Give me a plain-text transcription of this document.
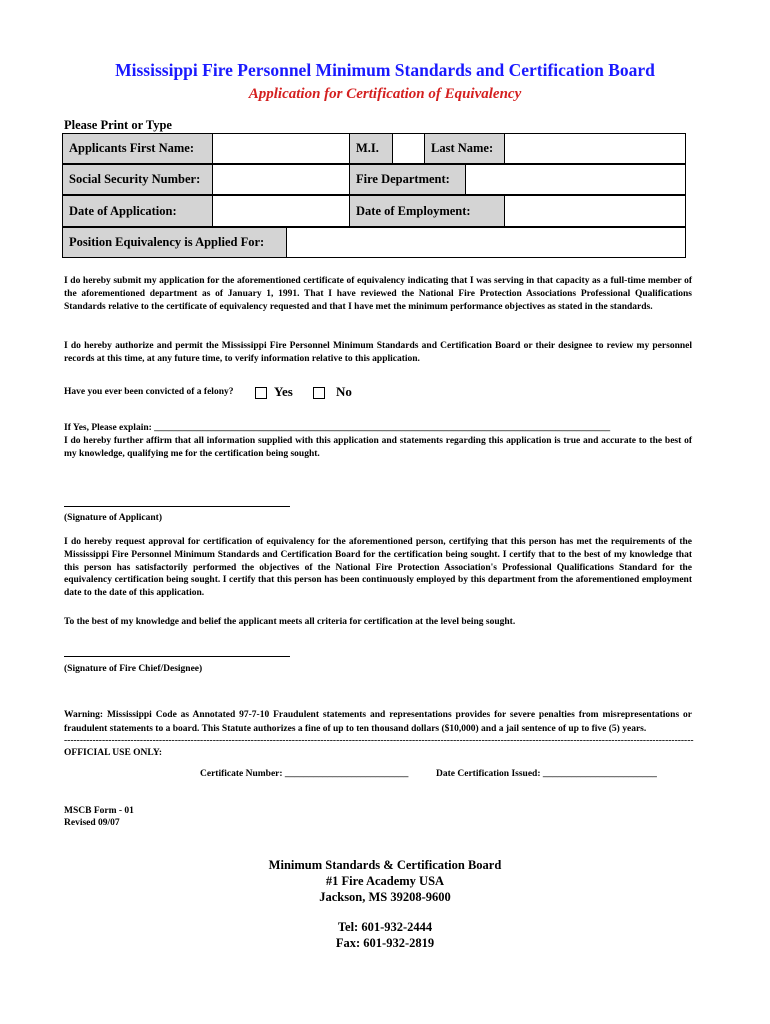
Mississippi Fire Personnel Minimum Standards and Certification Board
Application for Certification of Equivalency
Please Print or Type
Applicants First Name:	M.I.	Last Name:
Social Security Number:	Fire Department:
Date of Application:	Date of Employment:
Position Equivalency is Applied For:
I do hereby submit my application for the aforementioned certificate of equivalency indicating that I was serving in that capacity as a full-time member of the aforementioned department as of January 1, 1991. That I have reviewed the National Fire Protection Associations Professional Qualifications Standards relative to the certificate of equivalency requested and that I have met the minimum performance objectives as stated in the standards.
I do hereby authorize and permit the Mississippi Fire Personnel Minimum Standards and Certification Board or their designee to review my personnel records at this time, at any future time, to verify information relative to this application.
Have you ever been convicted of a felony?	Yes	No
If Yes, Please explain: ________________________________________________________________________________________________
I do hereby further affirm that all information supplied with this application and statements regarding this application is true and accurate to the best of my knowledge, qualifying me for the certification being sought.
(Signature of Applicant)
I do hereby request approval for certification of equivalency for the aforementioned person, certifying that this person has met the requirements of the Mississippi Fire Personnel Minimum Standards and Certification Board for the certification being sought. I certify that to the best of my knowledge that this person has satisfactorily performed the objectives of the National Fire Protection Association's Professional Qualifications Standard for the equivalency certification being sought. I certify that this person has been continuously employed by this department from the aforementioned employment date to the date of this application.
To the best of my knowledge and belief the applicant meets all criteria for certification at the level being sought.
(Signature of Fire Chief/Designee)
Warning: Mississippi Code as Annotated 97-7-10 Fraudulent statements and representations provides for severe penalties from misrepresentations or fraudulent statements to a board. This Statute authorizes a fine of up to ten thousand dollars ($10,000) and a jail sentence of up to five (5) years.
-------------------------------------------------------------------------------------------------------------------------------------------------------------------------------------------------------
OFFICIAL USE ONLY:
Certificate Number: __________________________	Date Certification Issued: ________________________
MSCB Form - 01
Revised 09/07
Minimum Standards & Certification Board
#1 Fire Academy USA
Jackson, MS 39208-9600
Tel: 601-932-2444
Fax: 601-932-2819
